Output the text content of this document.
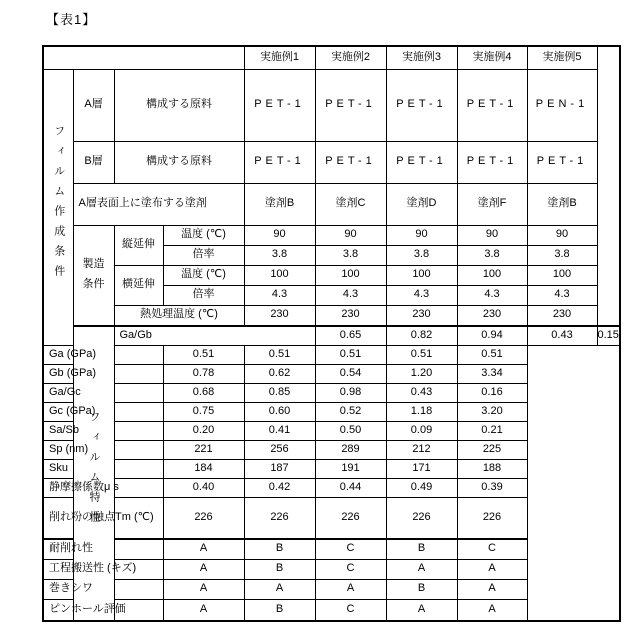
【表1】
				実施例1	実施例2	実施例3	実施例4	実施例5	
フィルム作成条件	A層	構成する原料		PET-1	PET-1	PET-1	PET-1	PEN-1	
	B層	構成する原料		PET-1	PET-1	PET-1	PET-1	PET-1	
	A層表面上に塗布する塗剤			塗剤B	塗剤C	塗剤D	塗剤F	塗剤B	
	製造
条件	縦延伸	温度 (℃)	90	90	90	90	90	
			倍率	3.8	3.8	3.8	3.8	3.8	
		横延伸	温度 (℃)	100	100	100	100	100	
			倍率	4.3	4.3	4.3	4.3	4.3	
		熱処理温度 (℃)		230	230	230	230	230	
	フィルム特性	Ga/Gb			0.65	0.82	0.94	0.43	0.15
Ga (GPa)			0.51	0.51	0.51	0.51	0.51		
Gb (GPa)			0.78	0.62	0.54	1.20	3.34		
Ga/Gc			0.68	0.85	0.98	0.43	0.16		
Gc (GPa)			0.75	0.60	0.52	1.18	3.20		
Sa/Sb			0.20	0.41	0.50	0.09	0.21		
Sp (nm)			221	256	289	212	225		
Sku			184	187	191	171	188		
静摩擦係数μ s			0.40	0.42	0.44	0.49	0.39		
削れ粉の融点Tm (℃)			226	226	226	226	226		
耐削れ性			A	B	C	B	C		
工程搬送性 (キズ)			A	B	C	A	A		
巻きシワ			A	A	A	B	A		
ピンホール評価			A	B	C	A	A		
